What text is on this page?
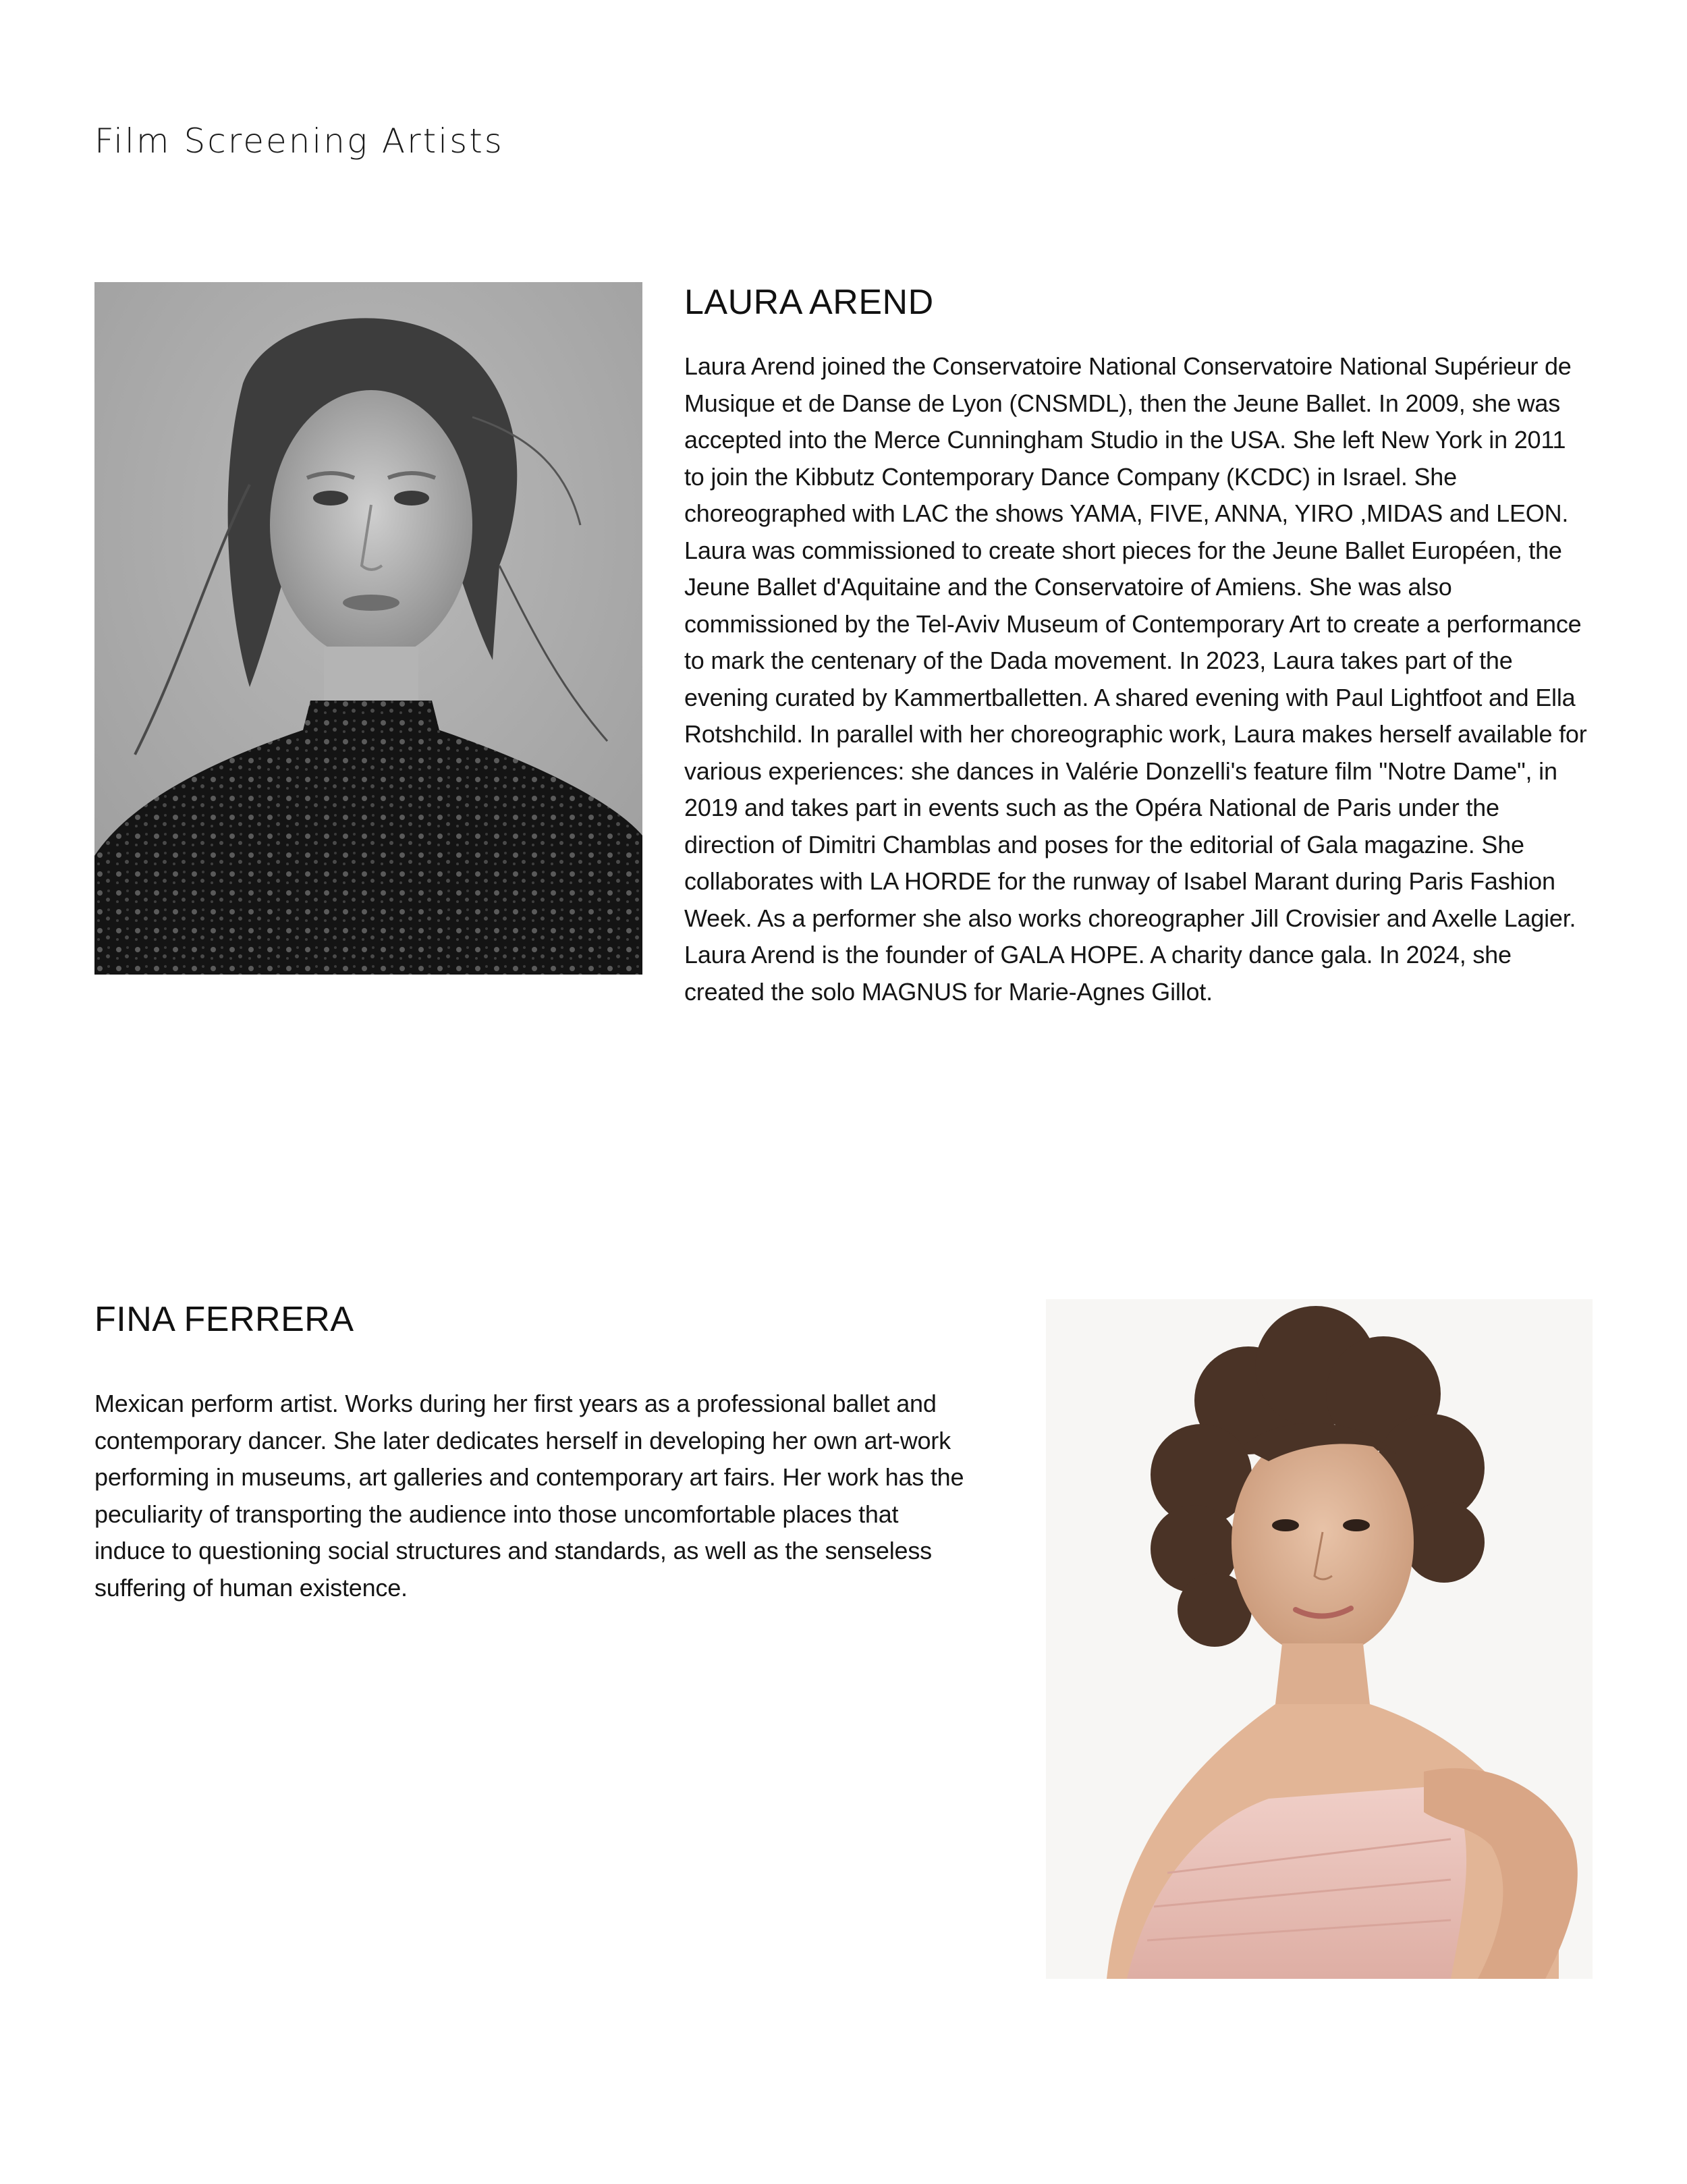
Film Screening Artists
LAURA AREND

Laura Arend joined the Conservatoire National Conservatoire National Supérieur de Musique et de Danse de Lyon (CNSMDL), then the Jeune Ballet. In 2009, she was accepted into the Merce Cunningham Studio in the USA. She left New York in 2011 to join the Kibbutz Contemporary Dance Company (KCDC) in Israel. She choreographed with LAC the shows YAMA, FIVE, ANNA, YIRO ,MIDAS and LEON. Laura was commissioned to create short pieces for the Jeune Ballet Européen, the Jeune Ballet d'Aquitaine and the Conservatoire of Amiens. She was also commissioned by the Tel-Aviv Museum of Contemporary Art to create a performance to mark the centenary of the Dada movement. In 2023, Laura takes part of the evening curated by Kammertballetten. A shared evening with Paul Lightfoot and Ella Rotshchild. In parallel with her choreographic work, Laura makes herself available for various experiences: she dances in Valérie Donzelli's feature film "Notre Dame", in 2019 and takes part in events such as the Opéra National de Paris under the direction of Dimitri Chamblas and poses for the editorial of Gala magazine. She collaborates with LA HORDE for the runway of Isabel Marant during Paris Fashion Week. As a performer she also works choreographer Jill Crovisier and Axelle Lagier. Laura Arend is the founder of GALA HOPE. A charity dance gala. In 2024, she created the solo MAGNUS for Marie-Agnes Gillot.

FINA FERRERA

Mexican perform artist. Works during her first years as a professional ballet and contemporary dancer. She later dedicates herself in developing her own art-work performing in museums, art galleries and contemporary art fairs. Her work has the peculiarity of transporting the audience into those uncomfortable places that induce to questioning social structures and standards, as well as the senseless suffering of human existence.
